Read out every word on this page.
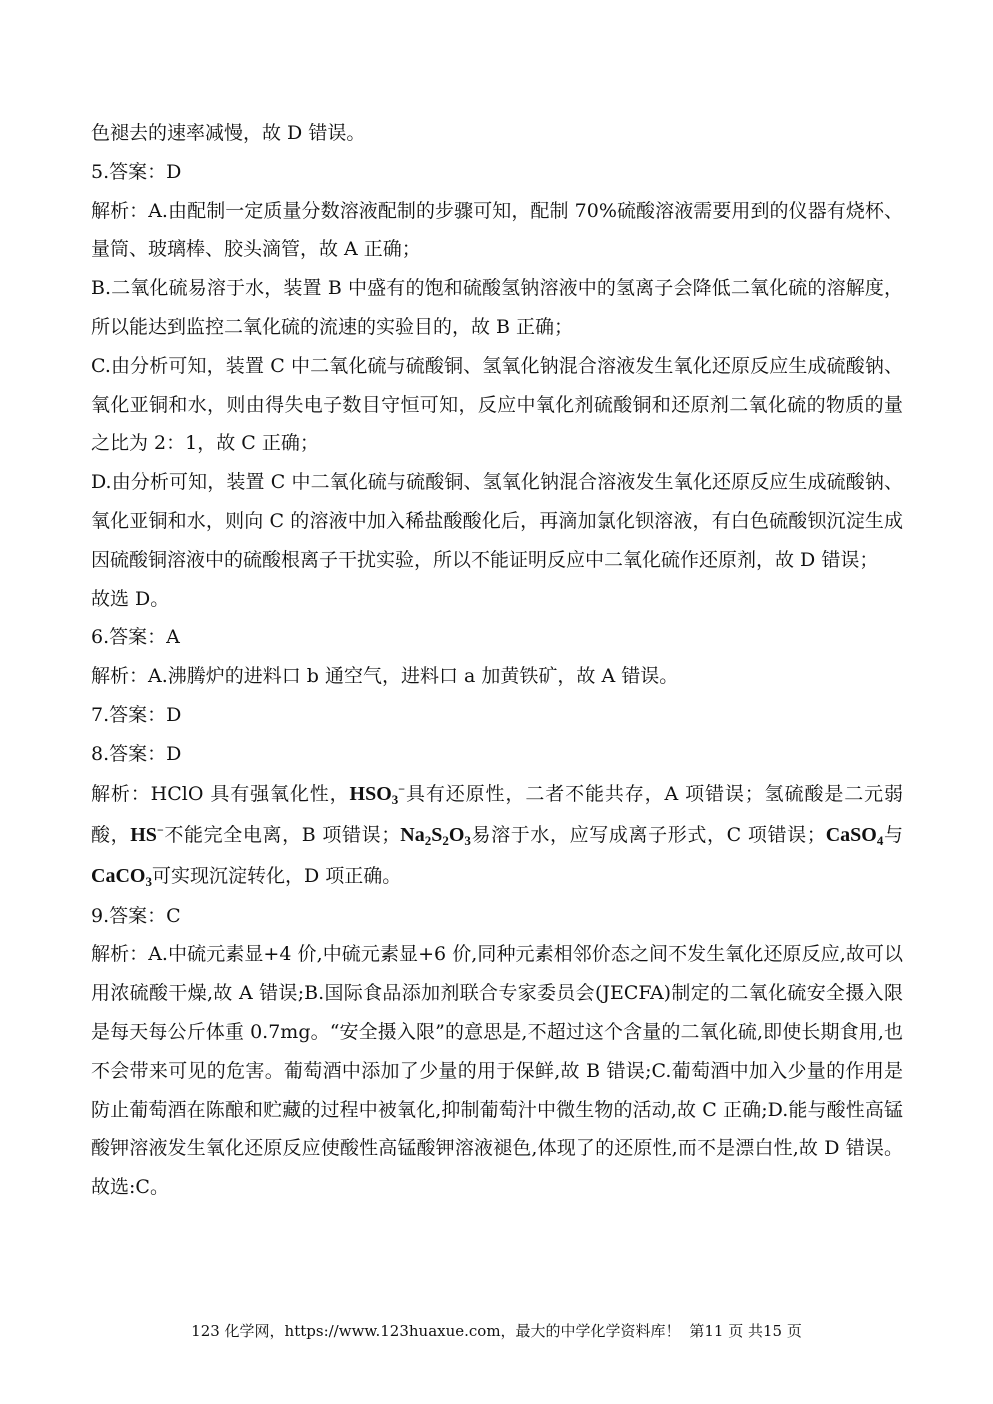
色褪去的速率减慢，故 D 错误。

5.答案：D

解析：A.由配制一定质量分数溶液配制的步骤可知，配制 70%硫酸溶液需要用到的仪器有烧杯、量筒、玻璃棒、胶头滴管，故 A 正确；

B.二氧化硫易溶于水，装置 B 中盛有的饱和硫酸氢钠溶液中的氢离子会降低二氧化硫的溶解度，所以能达到监控二氧化硫的流速的实验目的，故 B 正确；

C.由分析可知，装置 C 中二氧化硫与硫酸铜、氢氧化钠混合溶液发生氧化还原反应生成硫酸钠、氧化亚铜和水，则由得失电子数目守恒可知，反应中氧化剂硫酸铜和还原剂二氧化硫的物质的量之比为 2：1，故 C 正确；

D.由分析可知，装置 C 中二氧化硫与硫酸铜、氢氧化钠混合溶液发生氧化还原反应生成硫酸钠、氧化亚铜和水，则向 C 的溶液中加入稀盐酸酸化后，再滴加氯化钡溶液，有白色硫酸钡沉淀生成因硫酸铜溶液中的硫酸根离子干扰实验，所以不能证明反应中二氧化硫作还原剂，故 D 错误；

故选 D。

6.答案：A

解析：A.沸腾炉的进料口 b 通空气，进料口 a 加黄铁矿，故 A 错误。

7.答案：D

8.答案：D

解析：HClO 具有强氧化性，$HSO_3^-$具有还原性，二者不能共存，A 项错误；氢硫酸是二元弱酸，HS−不能完全电离，B 项错误；$Na_2S_2O_3$易溶于水，应写成离子形式，C 项错误；CaSO$_4$与CaCO$_3$可实现沉淀转化，D 项正确。

9.答案：C

解析：A.中硫元素显+4 价,中硫元素显+6 价,同种元素相邻价态之间不发生氧化还原反应,故可以用浓硫酸干燥,故 A 错误;B.国际食品添加剂联合专家委员会(JECFA)制定的二氧化硫安全摄入限是每天每公斤体重 0.7mg。“安全摄入限”的意思是,不超过这个含量的二氧化硫,即使长期食用,也不会带来可见的危害。葡萄酒中添加了少量的用于保鲜,故 B 错误;C.葡萄酒中加入少量的作用是防止葡萄酒在陈酿和贮藏的过程中被氧化,抑制葡萄汁中微生物的活动,故 C 正确;D.能与酸性高锰酸钾溶液发生氧化还原反应使酸性高锰酸钾溶液褪色,体现了的还原性,而不是漂白性,故 D 错误。故选:C。

123 化学网，https://www.123huaxue.com，最大的中学化学资料库！ 第11 页 共15 页
